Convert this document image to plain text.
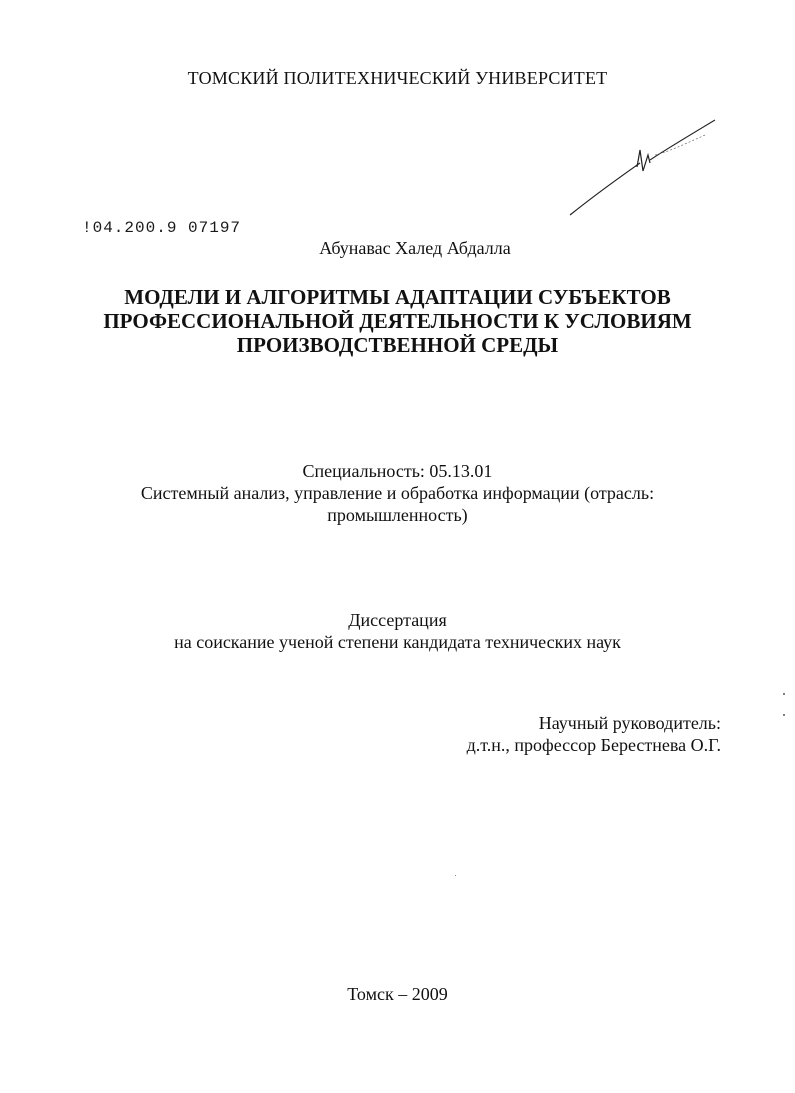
ТОМСКИЙ ПОЛИТЕХНИЧЕСКИЙ УНИВЕРСИТЕТ
!04.200.9 07197
Абунавас Халед Абдалла
МОДЕЛИ И АЛГОРИТМЫ АДАПТАЦИИ СУБЪЕКТОВ
ПРОФЕССИОНАЛЬНОЙ ДЕЯТЕЛЬНОСТИ К УСЛОВИЯМ
ПРОИЗВОДСТВЕННОЙ СРЕДЫ
Специальность: 05.13.01
Системный анализ, управление и обработка информации (отрасль:
промышленность)
Диссертация
на соискание ученой степени кандидата технических наук
Научный руководитель:
д.т.н., профессор Берестнева О.Г.
Томск – 2009
